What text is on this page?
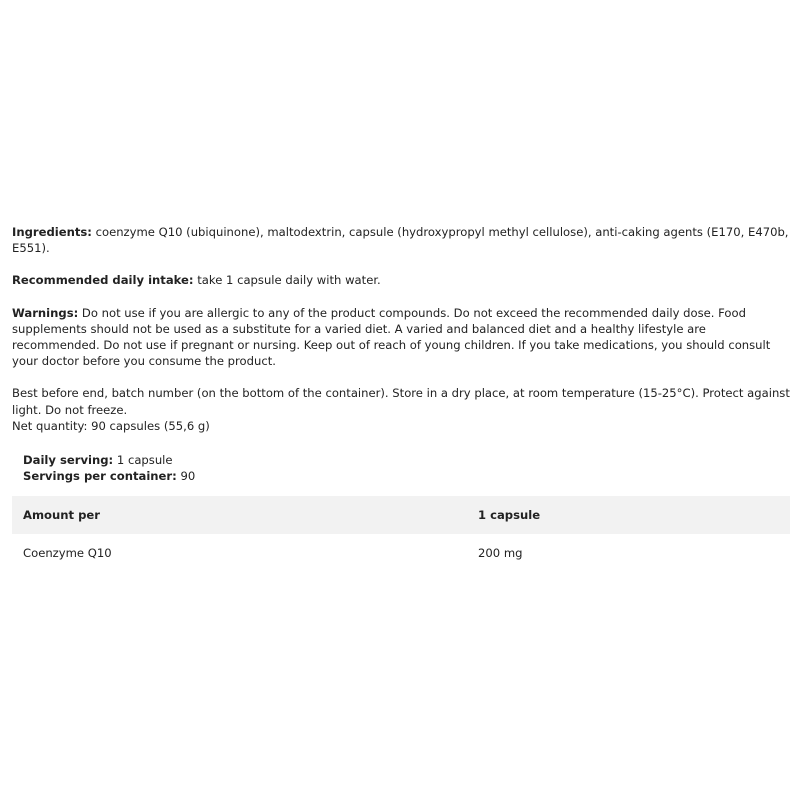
Ingredients: coenzyme Q10 (ubiquinone), maltodextrin, capsule (hydroxypropyl methyl cellulose), anti-caking agents (E170, E470b, E551).

Recommended daily intake: take 1 capsule daily with water.

Warnings: Do not use if you are allergic to any of the product compounds. Do not exceed the recommended daily dose. Food supplements should not be used as a substitute for a varied diet. A varied and balanced diet and a healthy lifestyle are recommended. Do not use if pregnant or nursing. Keep out of reach of young children. If you take medications, you should consult your doctor before you consume the product.

Best before end, batch number (on the bottom of the container). Store in a dry place, at room temperature (15-25°C). Protect against light. Do not freeze.

Net quantity: 90 capsules (55,6 g)

Daily serving: 1 capsule

Servings per container: 90

Amount per	1 capsule
Coenzyme Q10	200 mg
